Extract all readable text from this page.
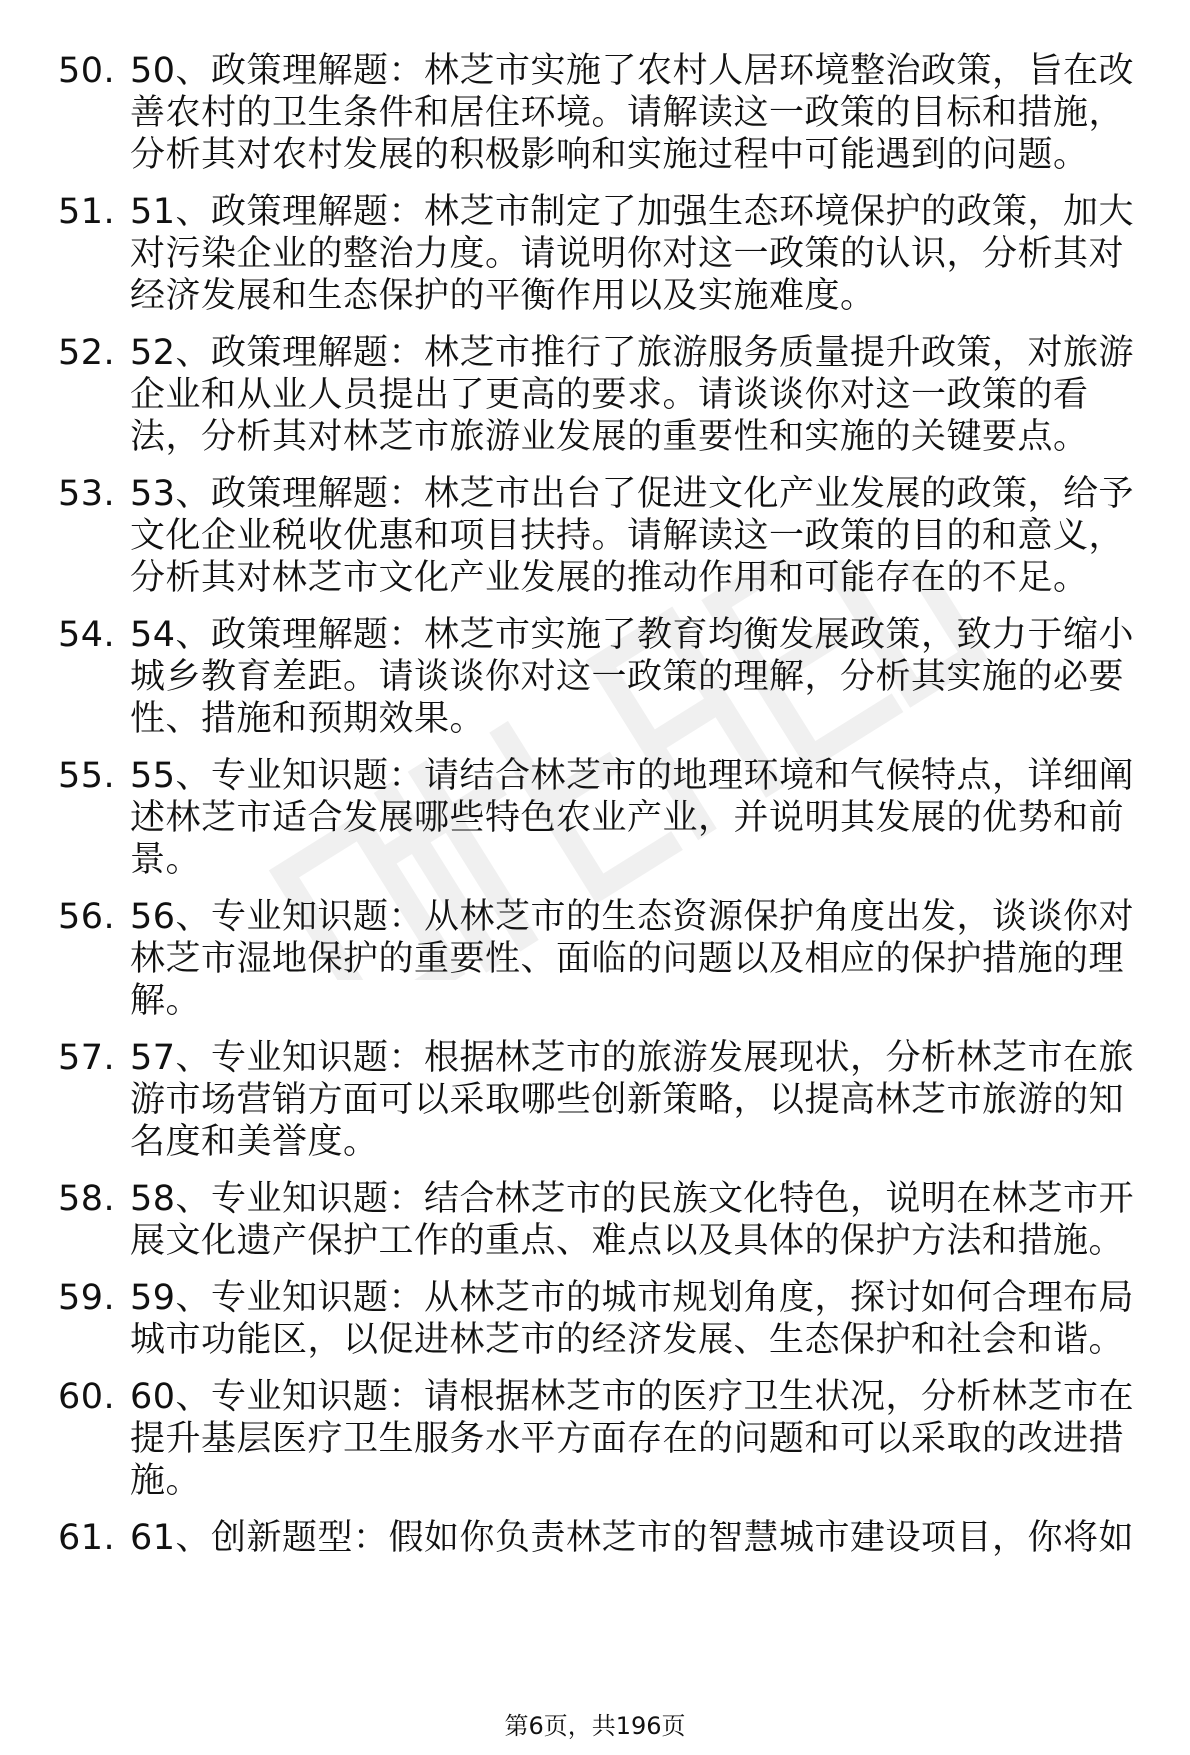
50. 50、政策理解题：林芝市实施了农村人居环境整治政策，旨在改善农村的卫生条件和居住环境。请解读这一政策的目标和措施，分析其对农村发展的积极影响和实施过程中可能遇到的问题。
51. 51、政策理解题：林芝市制定了加强生态环境保护的政策，加大对污染企业的整治力度。请说明你对这一政策的认识，分析其对经济发展和生态保护的平衡作用以及实施难度。
52. 52、政策理解题：林芝市推行了旅游服务质量提升政策，对旅游企业和从业人员提出了更高的要求。请谈谈你对这一政策的看法，分析其对林芝市旅游业发展的重要性和实施的关键要点。
53. 53、政策理解题：林芝市出台了促进文化产业发展的政策，给予文化企业税收优惠和项目扶持。请解读这一政策的目的和意义，分析其对林芝市文化产业发展的推动作用和可能存在的不足。
54. 54、政策理解题：林芝市实施了教育均衡发展政策，致力于缩小城乡教育差距。请谈谈你对这一政策的理解，分析其实施的必要性、措施和预期效果。
55. 55、专业知识题：请结合林芝市的地理环境和气候特点，详细阐述林芝市适合发展哪些特色农业产业，并说明其发展的优势和前景。
56. 56、专业知识题：从林芝市的生态资源保护角度出发，谈谈你对林芝市湿地保护的重要性、面临的问题以及相应的保护措施的理解。
57. 57、专业知识题：根据林芝市的旅游发展现状，分析林芝市在旅游市场营销方面可以采取哪些创新策略，以提高林芝市旅游的知名度和美誉度。
58. 58、专业知识题：结合林芝市的民族文化特色，说明在林芝市开展文化遗产保护工作的重点、难点以及具体的保护方法和措施。
59. 59、专业知识题：从林芝市的城市规划角度，探讨如何合理布局城市功能区，以促进林芝市的经济发展、生态保护和社会和谐。
60. 60、专业知识题：请根据林芝市的医疗卫生状况，分析林芝市在提升基层医疗卫生服务水平方面存在的问题和可以采取的改进措施。
61. 61、创新题型：假如你负责林芝市的智慧城市建设项目，你将如
第6页，共196页
